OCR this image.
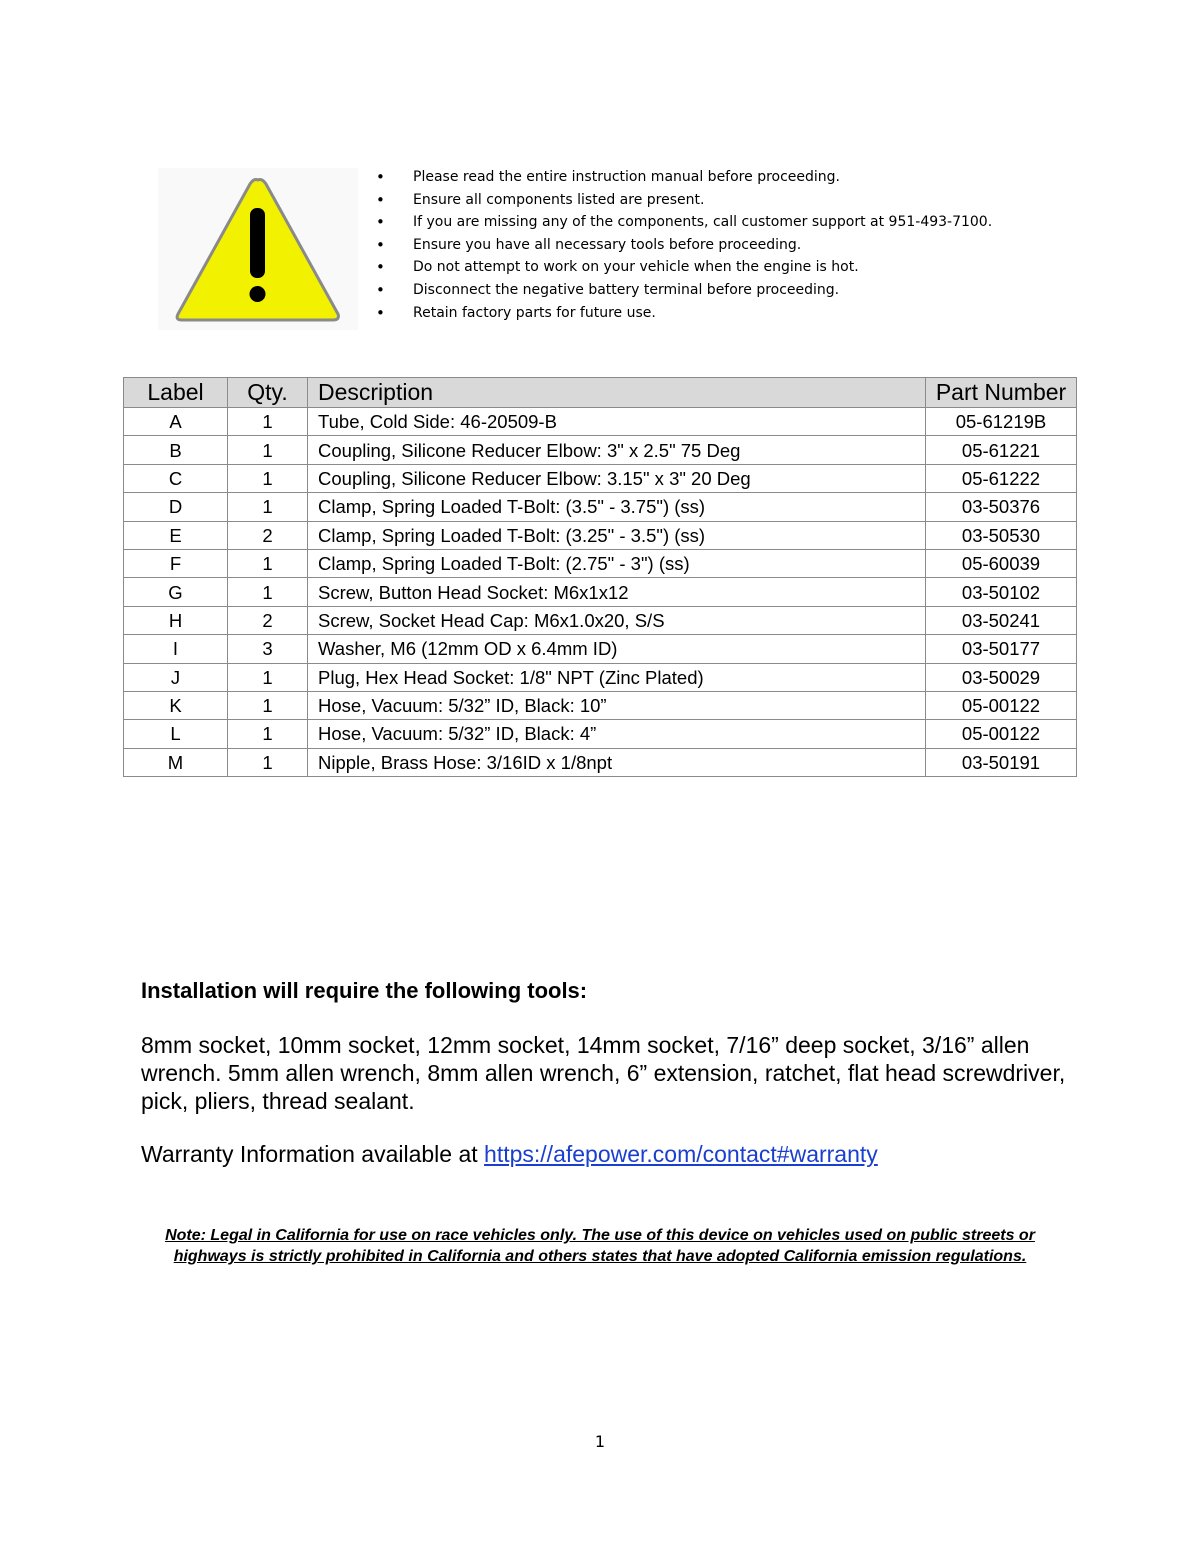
• Please read the entire instruction manual before proceeding.
• Ensure all components listed are present.
• If you are missing any of the components, call customer support at 951-493-7100.
• Ensure you have all necessary tools before proceeding.
• Do not attempt to work on your vehicle when the engine is hot.
• Disconnect the negative battery terminal before proceeding.
• Retain factory parts for future use.
Label	Qty.	Description	Part Number
A	1	Tube, Cold Side: 46-20509-B	05-61219B
B	1	Coupling, Silicone Reducer Elbow: 3" x 2.5" 75 Deg	05-61221
C	1	Coupling, Silicone Reducer Elbow: 3.15" x 3" 20 Deg	05-61222
D	1	Clamp, Spring Loaded T-Bolt: (3.5" - 3.75") (ss)	03-50376
E	2	Clamp, Spring Loaded T-Bolt: (3.25" - 3.5") (ss)	03-50530
F	1	Clamp, Spring Loaded T-Bolt: (2.75" - 3") (ss)	05-60039
G	1	Screw, Button Head Socket: M6x1x12	03-50102
H	2	Screw, Socket Head Cap: M6x1.0x20, S/S	03-50241
I	3	Washer, M6 (12mm OD x 6.4mm ID)	03-50177
J	1	Plug, Hex Head Socket: 1/8" NPT (Zinc Plated)	03-50029
K	1	Hose, Vacuum: 5/32” ID, Black: 10”	05-00122
L	1	Hose, Vacuum: 5/32” ID, Black: 4”	05-00122
M	1	Nipple, Brass Hose: 3/16ID x 1/8npt	03-50191
Installation will require the following tools:

8mm socket, 10mm socket, 12mm socket, 14mm socket, 7/16” deep socket, 3/16” allen wrench. 5mm allen wrench, 8mm allen wrench, 6” extension, ratchet, flat head screwdriver, pick, pliers, thread sealant.

Warranty Information available at https://afepower.com/contact#warranty

Note: Legal in California for use on race vehicles only. The use of this device on vehicles used on public streets or highways is strictly prohibited in California and others states that have adopted California emission regulations.

1
